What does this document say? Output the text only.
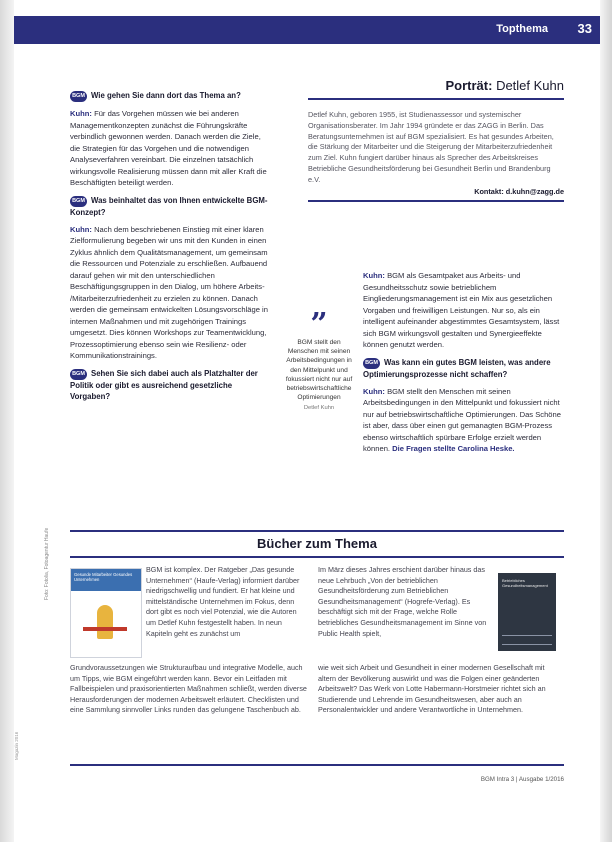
Topthema 33

BGM Wie gehen Sie dann dort das Thema an?

Kuhn: Für das Vorgehen müssen wie bei anderen Managementkonzepten zunächst die Führungskräfte verbindlich gewonnen werden. Danach werden die Ziele, die Strategien für das Vorgehen und die notwendigen Analyseverfahren vereinbart. Die einzelnen tatsächlich wirkungsvolle Realisierung müssen dann mit aller Kraft die Beschäftigten beteiligt werden.

BGM Was beinhaltet das von Ihnen entwickelte BGM-Konzept?

Kuhn: Nach dem beschriebenen Einstieg mit einer klaren Zielformulierung begeben wir uns mit den Kunden in einen Zyklus ähnlich dem Qualitätsmanagement, um gemeinsam die Ressourcen und Potenziale zu erschließen. Aufbauend darauf gehen wir mit den unterschiedlichen Beschäftigungsgruppen in den Dialog, um höhere Arbeits- /Mitarbeiterzufriedenheit zu erzielen zu können. Danach werden die gemeinsam entwickelten Lösungsvorschläge in internen Maßnahmen und mit zugehörigen Trainings umgesetzt. Dies können Workshops zur Teamentwicklung, Prozessoptimierung ebenso sein wie Resilienz- oder Kommunikationstrainings.

BGM Sehen Sie sich dabei auch als Platzhalter der Politik oder gibt es ausreichend gesetzliche Vorgaben?

Porträt: Detlef Kuhn
Detlef Kuhn, geboren 1955, ist Studienassessor und systemischer Organisationsberater. Im Jahr 1994 gründete er das ZAGG in Berlin. Das Beratungsunternehmen ist auf BGM spezialisiert. Es hat gesundes Arbeiten, die Stärkung der Mitarbeiter und die Steigerung der Mitarbeiterzufriedenheit zum Ziel. Kuhn fungiert darüber hinaus als Sprecher des Arbeitskreises Betriebliche Gesundheitsförderung bei Gesundheit Berlin und Brandenburg e.V.
Kontakt: d.kuhn@zagg.de
”
BGM stellt den Menschen mit seinen Arbeitsbedingungen in den Mittelpunkt und fokussiert nicht nur auf betriebswirtschaftliche Optimierungen
Detlef Kuhn

Kuhn: BGM als Gesamtpaket aus Arbeits- und Gesundheitsschutz sowie betrieblichem Eingliederungsmanagement ist ein Mix aus gesetzlichen Vorgaben und freiwilligen Leistungen. Nur so, als ein intelligent aufeinander abgestimmtes Gesamtsystem, lässt sich BGM wirkungsvoll gestalten und Synergieeffekte können genutzt werden.

BGM Was kann ein gutes BGM leisten, was andere Optimierungsprozesse nicht schaffen?

Kuhn: BGM stellt den Menschen mit seinen Arbeitsbedingungen in den Mittelpunkt und fokussiert nicht nur auf betriebswirtschaftliche Optimierungen. Das Schöne ist aber, dass über einen gut gemanagten BGM-Prozess ebenso wirtschaftlich spürbare Erfolge erzielt werden können. Die Fragen stellte Carolina Heske.

Bücher zum Thema
Gesunde Mitarbeiter Gesundes Unternehmen

BGM ist komplex. Der Ratgeber „Das gesunde Unternehmen“ (Haufe-Verlag) informiert darüber niedrigschwellig und fundiert. Er hat kleine und mittelständische Unternehmen im Fokus, denn dort gibt es noch viel Potenzial, wie die Autoren um Detlef Kuhn festgestellt haben. In neun Kapiteln geht es zunächst um

Grundvoraussetzungen wie Strukturaufbau und integrative Modelle, auch um Tipps, wie BGM eingeführt werden kann. Bevor ein Leitfaden mit Fallbeispielen und praxisorientierten Maßnahmen schließt, werden diverse Herausforderungen der modernen Arbeitswelt erläutert. Checklisten und eine Sammlung sinnvoller Links runden das gelungene Taschenbuch ab.

Im März dieses Jahres erschient darüber hinaus das neue Lehrbuch „Von der betrieblichen Gesundheitsförderung zum Betrieblichen Gesundheitsmanagement“ (Hogrefe-Verlag). Es beschäftigt sich mit der Frage, welche Rolle betriebliches Gesundheitsmanagement im Sinne von Public Health spielt,

Betriebliches Gesundheitsmanagement

wie weit sich Arbeit und Gesundheit in einer modernen Gesellschaft mit altern der Bevölkerung auswirkt und was die Folgen einer geänderten Arbeitswelt? Das Werk von Lotte Habermann-Horstmeier richtet sich an Studierende und Lehrende im Gesundheitswesen, aber auch an Personalentwickler und andere Verantwortliche in Unternehmen.

BGM Intra 3 | Ausgabe 1/2016
Foto: Fotolia, Fotoagentur Haufe
Magazin 2016
